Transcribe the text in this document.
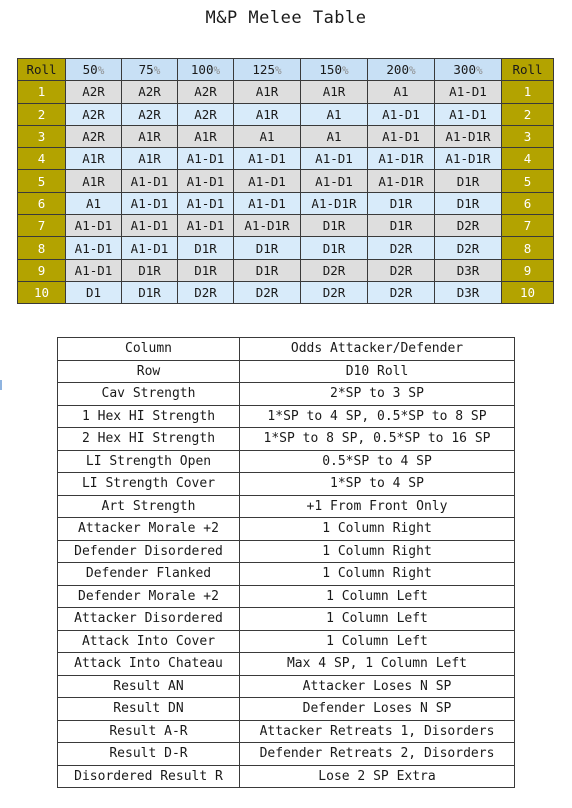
M&P Melee Table
Roll	50%	75%	100%	125%	150%	200%	300%	Roll
1	A2R	A2R	A2R	A1R	A1R	A1	A1-D1	1
2	A2R	A2R	A2R	A1R	A1	A1-D1	A1-D1	2
3	A2R	A1R	A1R	A1	A1	A1-D1	A1-D1R	3
4	A1R	A1R	A1-D1	A1-D1	A1-D1	A1-D1R	A1-D1R	4
5	A1R	A1-D1	A1-D1	A1-D1	A1-D1	A1-D1R	D1R	5
6	A1	A1-D1	A1-D1	A1-D1	A1-D1R	D1R	D1R	6
7	A1-D1	A1-D1	A1-D1	A1-D1R	D1R	D1R	D2R	7
8	A1-D1	A1-D1	D1R	D1R	D1R	D2R	D2R	8
9	A1-D1	D1R	D1R	D1R	D2R	D2R	D3R	9
10	D1	D1R	D2R	D2R	D2R	D2R	D3R	10
Column	Odds Attacker/Defender
Row	D10 Roll
Cav Strength	2*SP to 3 SP
1 Hex HI Strength	1*SP to 4 SP, 0.5*SP to 8 SP
2 Hex HI Strength	1*SP to 8 SP, 0.5*SP to 16 SP
LI Strength Open	0.5*SP to 4 SP
LI Strength Cover	1*SP to 4 SP
Art Strength	+1 From Front Only
Attacker Morale +2	1 Column Right
Defender Disordered	1 Column Right
Defender Flanked	1 Column Right
Defender Morale +2	1 Column Left
Attacker Disordered	1 Column Left
Attack Into Cover	1 Column Left
Attack Into Chateau	Max 4 SP, 1 Column Left
Result AN	Attacker Loses N SP
Result DN	Defender Loses N SP
Result A-R	Attacker Retreats 1, Disorders
Result D-R	Defender Retreats 2, Disorders
Disordered Result R	Lose 2 SP Extra
